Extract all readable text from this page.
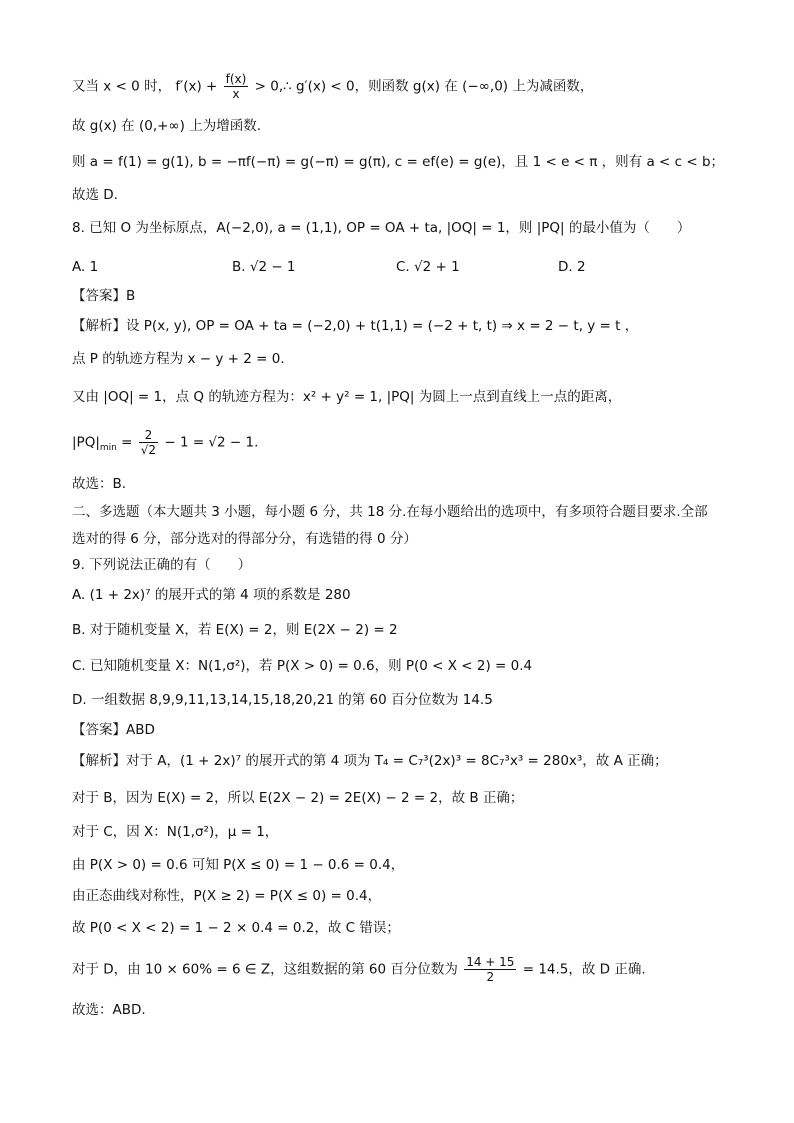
又当 x < 0 时， $f'(x) + \frac{f(x)}{x}$ > 0,∴ g′(x) < 0，则函数 g(x) 在 (−∞,0) 上为减函数，
故 g(x) 在 (0,+∞) 上为增函数.
则 a = f(1) = g(1), b = −πf(−π) = g(−π) = g(π), c = ef(e) = g(e)，且 1 < e < π ，则有 a < c < b；
故选 D.
8. 已知 O 为坐标原点，A(−2,0), a = (1,1), OP = OA + ta, |OQ| = 1，则 |PQ| 的最小值为（　　）
A. 1	B. √2 − 1	C. √2 + 1	D. 2
【答案】B
【解析】设 P(x, y), OP = OA + ta = (−2,0) + t(1,1) = (−2 + t, t) ⇒ x = 2 − t, y = t ，
点 P 的轨迹方程为 x − y + 2 = 0.
又由 |OQ| = 1，点 Q 的轨迹方程为：x² + y² = 1, |PQ| 为圆上一点到直线上一点的距离，
$|PQ|_{min} = \frac{2}{√2} - 1 = √2 - 1$.
故选：B.
二、多选题（本大题共 3 小题，每小题 6 分，共 18 分.在每小题给出的选项中，有多项符合题目要求.全部
选对的得 6 分，部分选对的得部分分，有选错的得 0 分）
9. 下列说法正确的有（　　）
A. (1 + 2x)⁷ 的展开式的第 4 项的系数是 280
B. 对于随机变量 X，若 E(X) = 2，则 E(2X − 2) = 2
C. 已知随机变量 X：N(1,σ²)，若 P(X > 0) = 0.6，则 P(0 < X < 2) = 0.4
D. 一组数据 8,9,9,11,13,14,15,18,20,21 的第 60 百分位数为 14.5
【答案】ABD
【解析】对于 A，(1 + 2x)⁷ 的展开式的第 4 项为 T₄ = C₇³(2x)³ = 8C₇³x³ = 280x³，故 A 正确；
对于 B，因为 E(X) = 2，所以 E(2X − 2) = 2E(X) − 2 = 2，故 B 正确；
对于 C，因 X：N(1,σ²)，μ = 1，
由 P(X > 0) = 0.6 可知 P(X ≤ 0) = 1 − 0.6 = 0.4，
由正态曲线对称性，P(X ≥ 2) = P(X ≤ 0) = 0.4，
故 P(0 < X < 2) = 1 − 2 × 0.4 = 0.2，故 C 错误；
对于 D，由 10 × 60% = 6 ∈ Z，这组数据的第 60 百分位数为 $\frac{14 + 15}{2} = 14.5$，故 D 正确.
故选：ABD.
